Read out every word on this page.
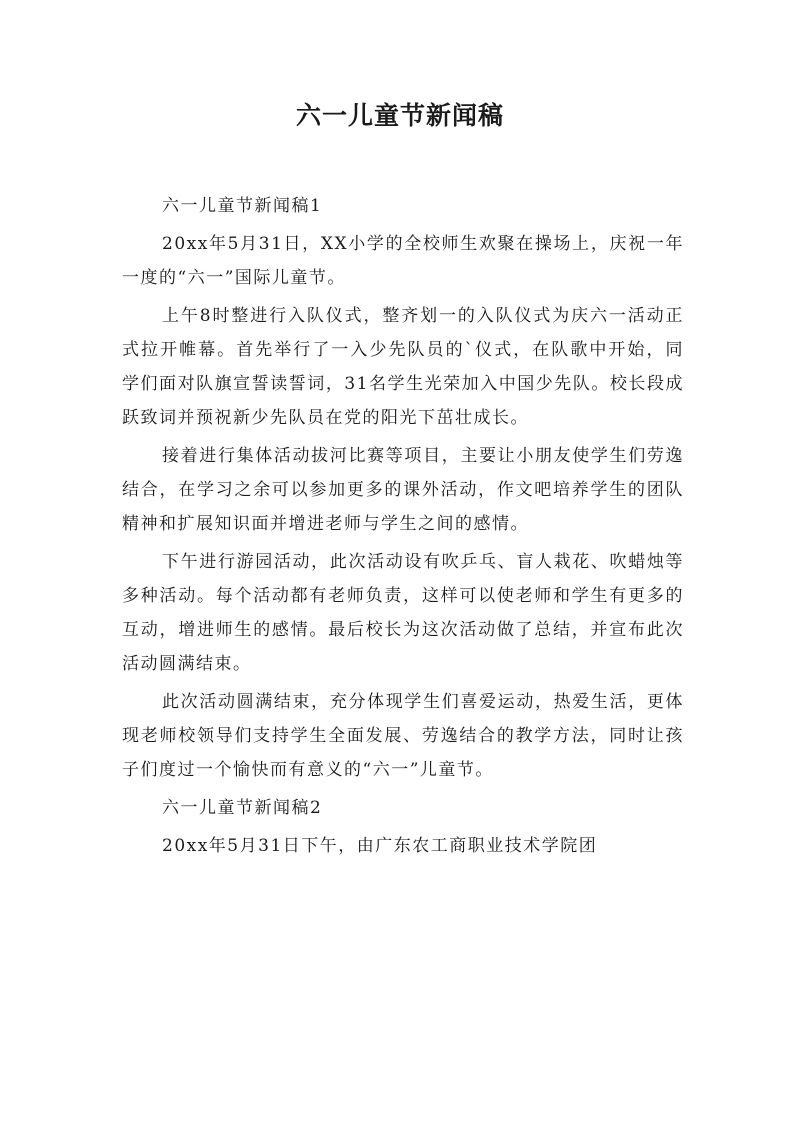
六一儿童节新闻稿

六一儿童节新闻稿1

20xx年5月31日，XX小学的全校师生欢聚在操场上，庆祝一年一度的“六一”国际儿童节。

上午8时整进行入队仪式，整齐划一的入队仪式为庆六一活动正式拉开帷幕。首先举行了一入少先队员的`仪式，在队歌中开始，同学们面对队旗宣誓读誓词，31名学生光荣加入中国少先队。校长段成跃致词并预祝新少先队员在党的阳光下茁壮成长。

接着进行集体活动拔河比赛等项目，主要让小朋友使学生们劳逸结合，在学习之余可以参加更多的课外活动，作文吧培养学生的团队精神和扩展知识面并增进老师与学生之间的感情。

下午进行游园活动，此次活动设有吹乒乓、盲人栽花、吹蜡烛等多种活动。每个活动都有老师负责，这样可以使老师和学生有更多的互动，增进师生的感情。最后校长为这次活动做了总结，并宣布此次活动圆满结束。

此次活动圆满结束，充分体现学生们喜爱运动，热爱生活，更体现老师校领导们支持学生全面发展、劳逸结合的教学方法，同时让孩子们度过一个愉快而有意义的“六一”儿童节。

六一儿童节新闻稿2

20xx年5月31日下午，由广东农工商职业技术学院团
